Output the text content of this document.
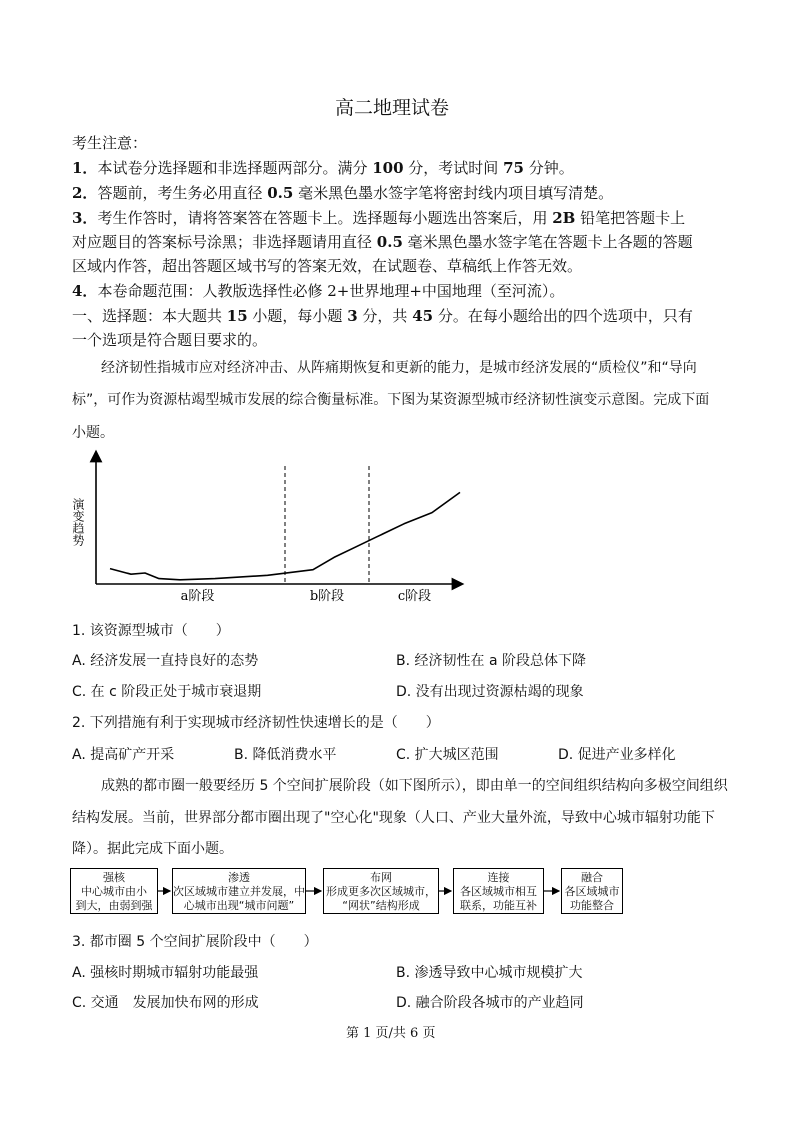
高二地理试卷
考生注意：
1．本试卷分选择题和非选择题两部分。满分 100 分，考试时间 75 分钟。
2．答题前，考生务必用直径 0.5 毫米黑色墨水签字笔将密封线内项目填写清楚。
3．考生作答时，请将答案答在答题卡上。选择题每小题选出答案后，用 2B 铅笔把答题卡上
对应题目的答案标号涂黑；非选择题请用直径 0.5 毫米黑色墨水签字笔在答题卡上各题的答题
区域内作答，超出答题区域书写的答案无效，在试题卷、草稿纸上作答无效。
4．本卷命题范围：人教版选择性必修 2+世界地理+中国地理（至河流）。
一、选择题：本大题共 15 小题，每小题 3 分，共 45 分。在每小题给出的四个选项中，只有
一个选项是符合题目要求的。
经济韧性指城市应对经济冲击、从阵痛期恢复和更新的能力，是城市经济发展的“质检仪”和“导向
标”，可作为资源枯竭型城市发展的综合衡量标准。下图为某资源型城市经济韧性演变示意图。完成下面
小题。
演变趋势
a阶段	b阶段	c阶段
1. 该资源型城市（　　）
A. 经济发展一直持良好的态势	B. 经济韧性在 a 阶段总体下降
C. 在 c 阶段正处于城市衰退期	D. 没有出现过资源枯竭的现象
2. 下列措施有利于实现城市经济韧性快速增长的是（　　）
A. 提高矿产开采	B. 降低消费水平	C. 扩大城区范围	D. 促进产业多样化
成熟的都市圈一般要经历 5 个空间扩展阶段（如下图所示），即由单一的空间组织结构向多极空间组织
结构发展。当前，世界部分都市圈出现了"空心化"现象（人口、产业大量外流，导致中心城市辐射功能下
降）。据此完成下面小题。
强核
中心城市由小
到大，由弱到强
渗透
次区域城市建立并发展，中
心城市出现“城市问题”
布网
形成更多次区域城市，
“网状”结构形成
连接
各区域城市相互
联系，功能互补
融合
各区域城市
功能整合
3. 都市圈 5 个空间扩展阶段中（　　）
A. 强核时期城市辐射功能最强	B. 渗透导致中心城市规模扩大
C. 交通　发展加快布网的形成	D. 融合阶段各城市的产业趋同
第 1 页/共 6 页
